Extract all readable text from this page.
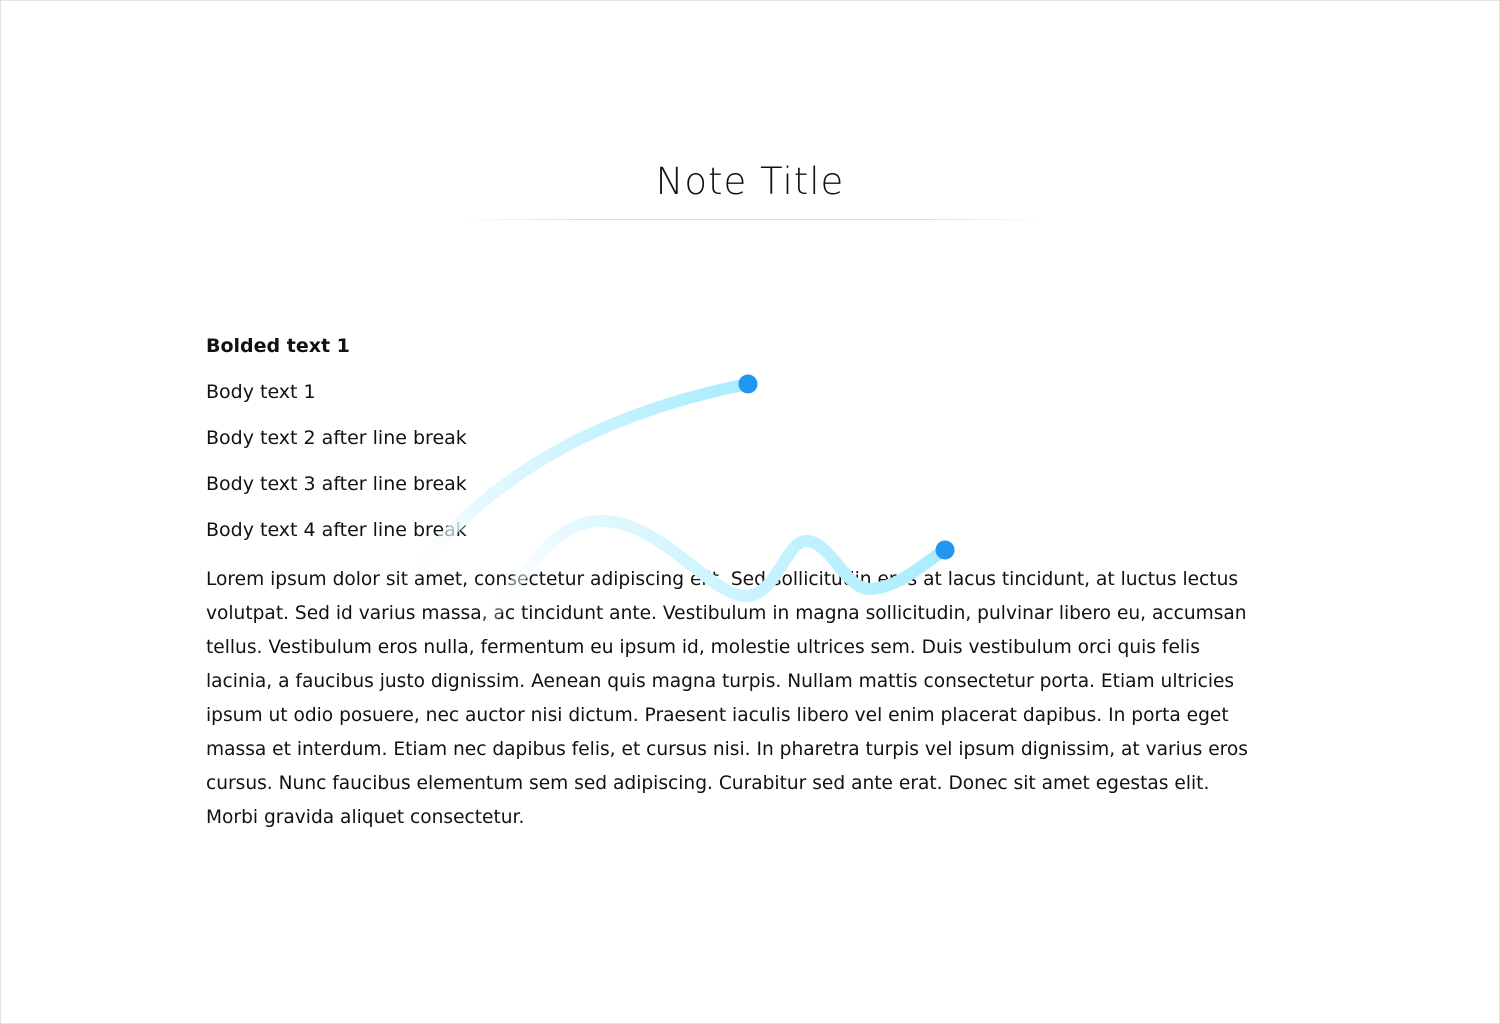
Note Title
Bolded text 1
Body text 1
Body text 2 after line break
Body text 3 after line break
Body text 4 after line break
Lorem ipsum dolor sit amet, consectetur adipiscing elit. Sed sollicitudin eros at lacus tincidunt, at luctus lectus volutpat. Sed id varius massa, ac tincidunt ante. Vestibulum in magna sollicitudin, pulvinar libero eu, accumsan tellus. Vestibulum eros nulla, fermentum eu ipsum id, molestie ultrices sem. Duis vestibulum orci quis felis lacinia, a faucibus justo dignissim. Aenean quis magna turpis. Nullam mattis consectetur porta. Etiam ultricies ipsum ut odio posuere, nec auctor nisi dictum. Praesent iaculis libero vel enim placerat dapibus. In porta eget massa et interdum. Etiam nec dapibus felis, et cursus nisi. In pharetra turpis vel ipsum dignissim, at varius eros cursus. Nunc faucibus elementum sem sed adipiscing. Curabitur sed ante erat. Donec sit amet egestas elit. Morbi gravida aliquet consectetur.
